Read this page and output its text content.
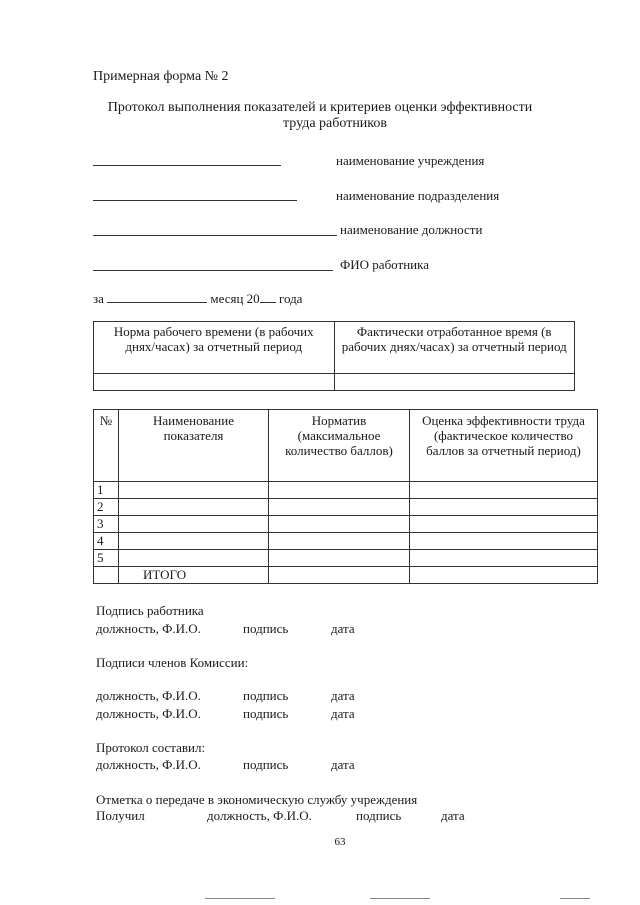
Примерная форма № 2
Протокол выполнения показателей и критериев оценки эффективности
труда работников
наименование учреждения
наименование подразделения
наименование должности
ФИО работника
за	месяц 20 года
Норма рабочего времени (в рабочих днях/часах) за отчетный период	Фактически отработанное время (в рабочих днях/часах) за отчетный период

№	Наименование показателя	Норматив (максимальное количество баллов)	Оценка эффективности труда (фактическое количество баллов за отчетный период)
1			
2			
3			
4			
5			
	ИТОГО		
Подпись работника
должность, Ф.И.О.	подпись	дата
Подписи членов Комиссии:
должность, Ф.И.О.	подпись	дата
должность, Ф.И.О.	подпись	дата
Протокол составил:
должность, Ф.И.О.	подпись	дата
Отметка о передаче в экономическую службу учреждения
Получил	должность, Ф.И.О.	подпись	дата
63
